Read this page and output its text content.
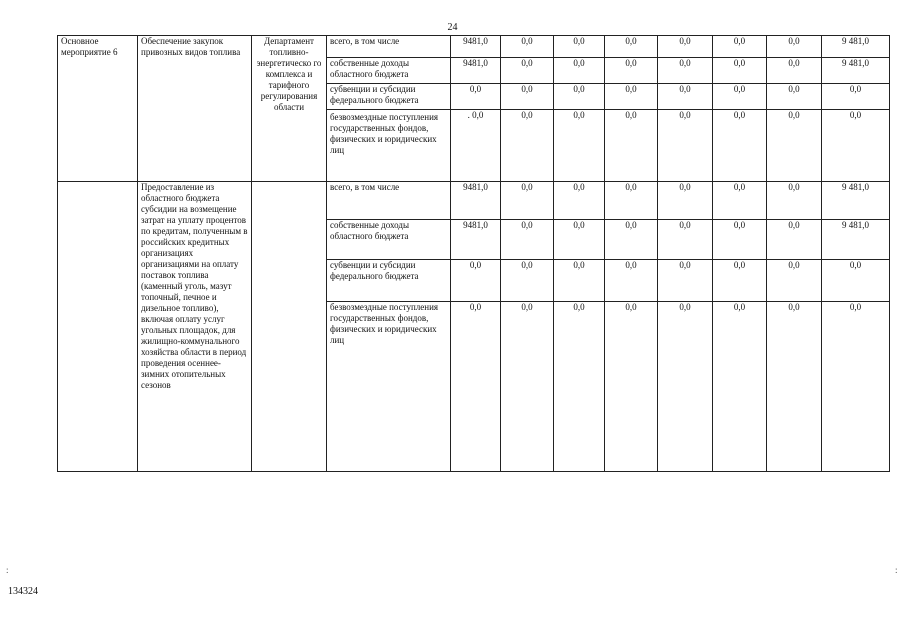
24
Основное мероприятие 6	Обеспечение закупок привозных видов топлива	Департамент топливно-энергетическо го комплекса и тарифного регулирования области	всего, в том числе	9481,0	0,0	0,0	0,0	0,0	0,0	0,0	9 481,0
			собственные доходы областного бюджета	9481,0	0,0	0,0	0,0	0,0	0,0	0,0	9 481,0
			субвенции и субсидии федерального бюджета	0,0	0,0	0,0	0,0	0,0	0,0	0,0	0,0
			безвозмездные поступления государственных фондов, физических и юридических лиц	. 0,0	0,0	0,0	0,0	0,0	0,0	0,0	0,0
	Предоставление из областного бюджета субсидии на возмещение затрат на уплату процентов по кредитам, полученным в российских кредитных организациях организациями на оплату поставок топлива (каменный уголь, мазут топочный, печное и дизельное топливо), включая оплату услуг угольных площадок, для жилищно-коммунального хозяйства области в период проведения осеннее-зимних отопительных сезонов		всего, в том числе	9481,0	0,0	0,0	0,0	0,0	0,0	0,0	9 481,0
			собственные доходы областного бюджета	9481,0	0,0	0,0	0,0	0,0	0,0	0,0	9 481,0
			субвенции и субсидии федерального бюджета	0,0	0,0	0,0	0,0	0,0	0,0	0,0	0,0
			безвозмездные поступления государственных фондов, физических и юридических лиц	0,0	0,0	0,0	0,0	0,0	0,0	0,0	0,0
:	:
134324
